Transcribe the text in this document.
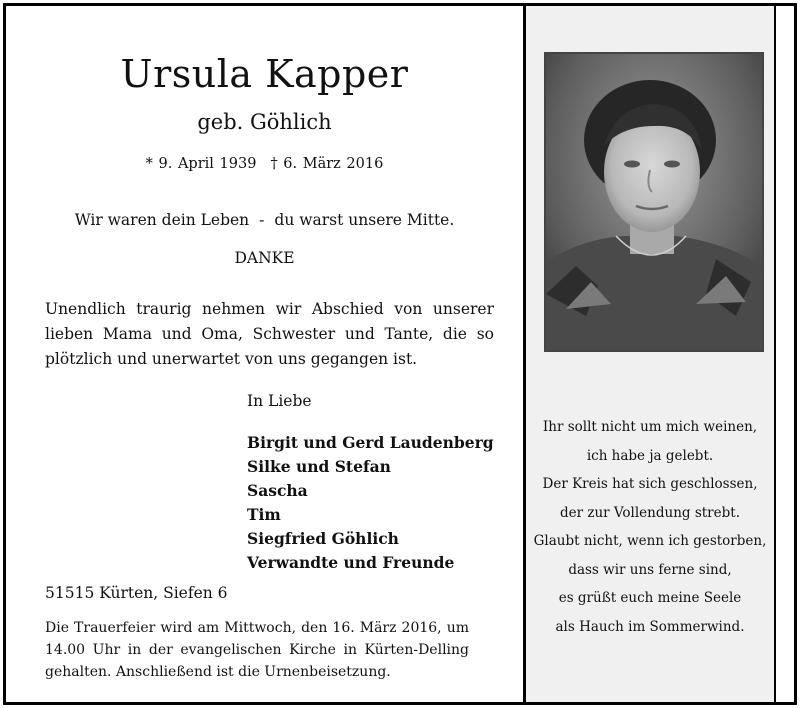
Ursula Kapper
geb. Göhlich
* 9. April 1939 † 6. März 2016
Wir waren dein Leben - du warst unsere Mitte.
DANKE
Unendlich traurig nehmen wir Abschied von unserer
lieben Mama und Oma, Schwester und Tante, die so
plötzlich und unerwartet von uns gegangen ist.
In Liebe
Birgit und Gerd Laudenberg
Silke und Stefan
Sascha
Tim
Siegfried Göhlich
Verwandte und Freunde
51515 Kürten, Siefen 6
Die Trauerfeier wird am Mittwoch, den 16. März 2016, um
14.00 Uhr in der evangelischen Kirche in Kürten-Delling
gehalten. Anschließend ist die Urnenbeisetzung.
Ihr sollt nicht um mich weinen,
ich habe ja gelebt.
Der Kreis hat sich geschlossen,
der zur Vollendung strebt.
Glaubt nicht, wenn ich gestorben,
dass wir uns ferne sind,
es grüßt euch meine Seele
als Hauch im Sommerwind.
